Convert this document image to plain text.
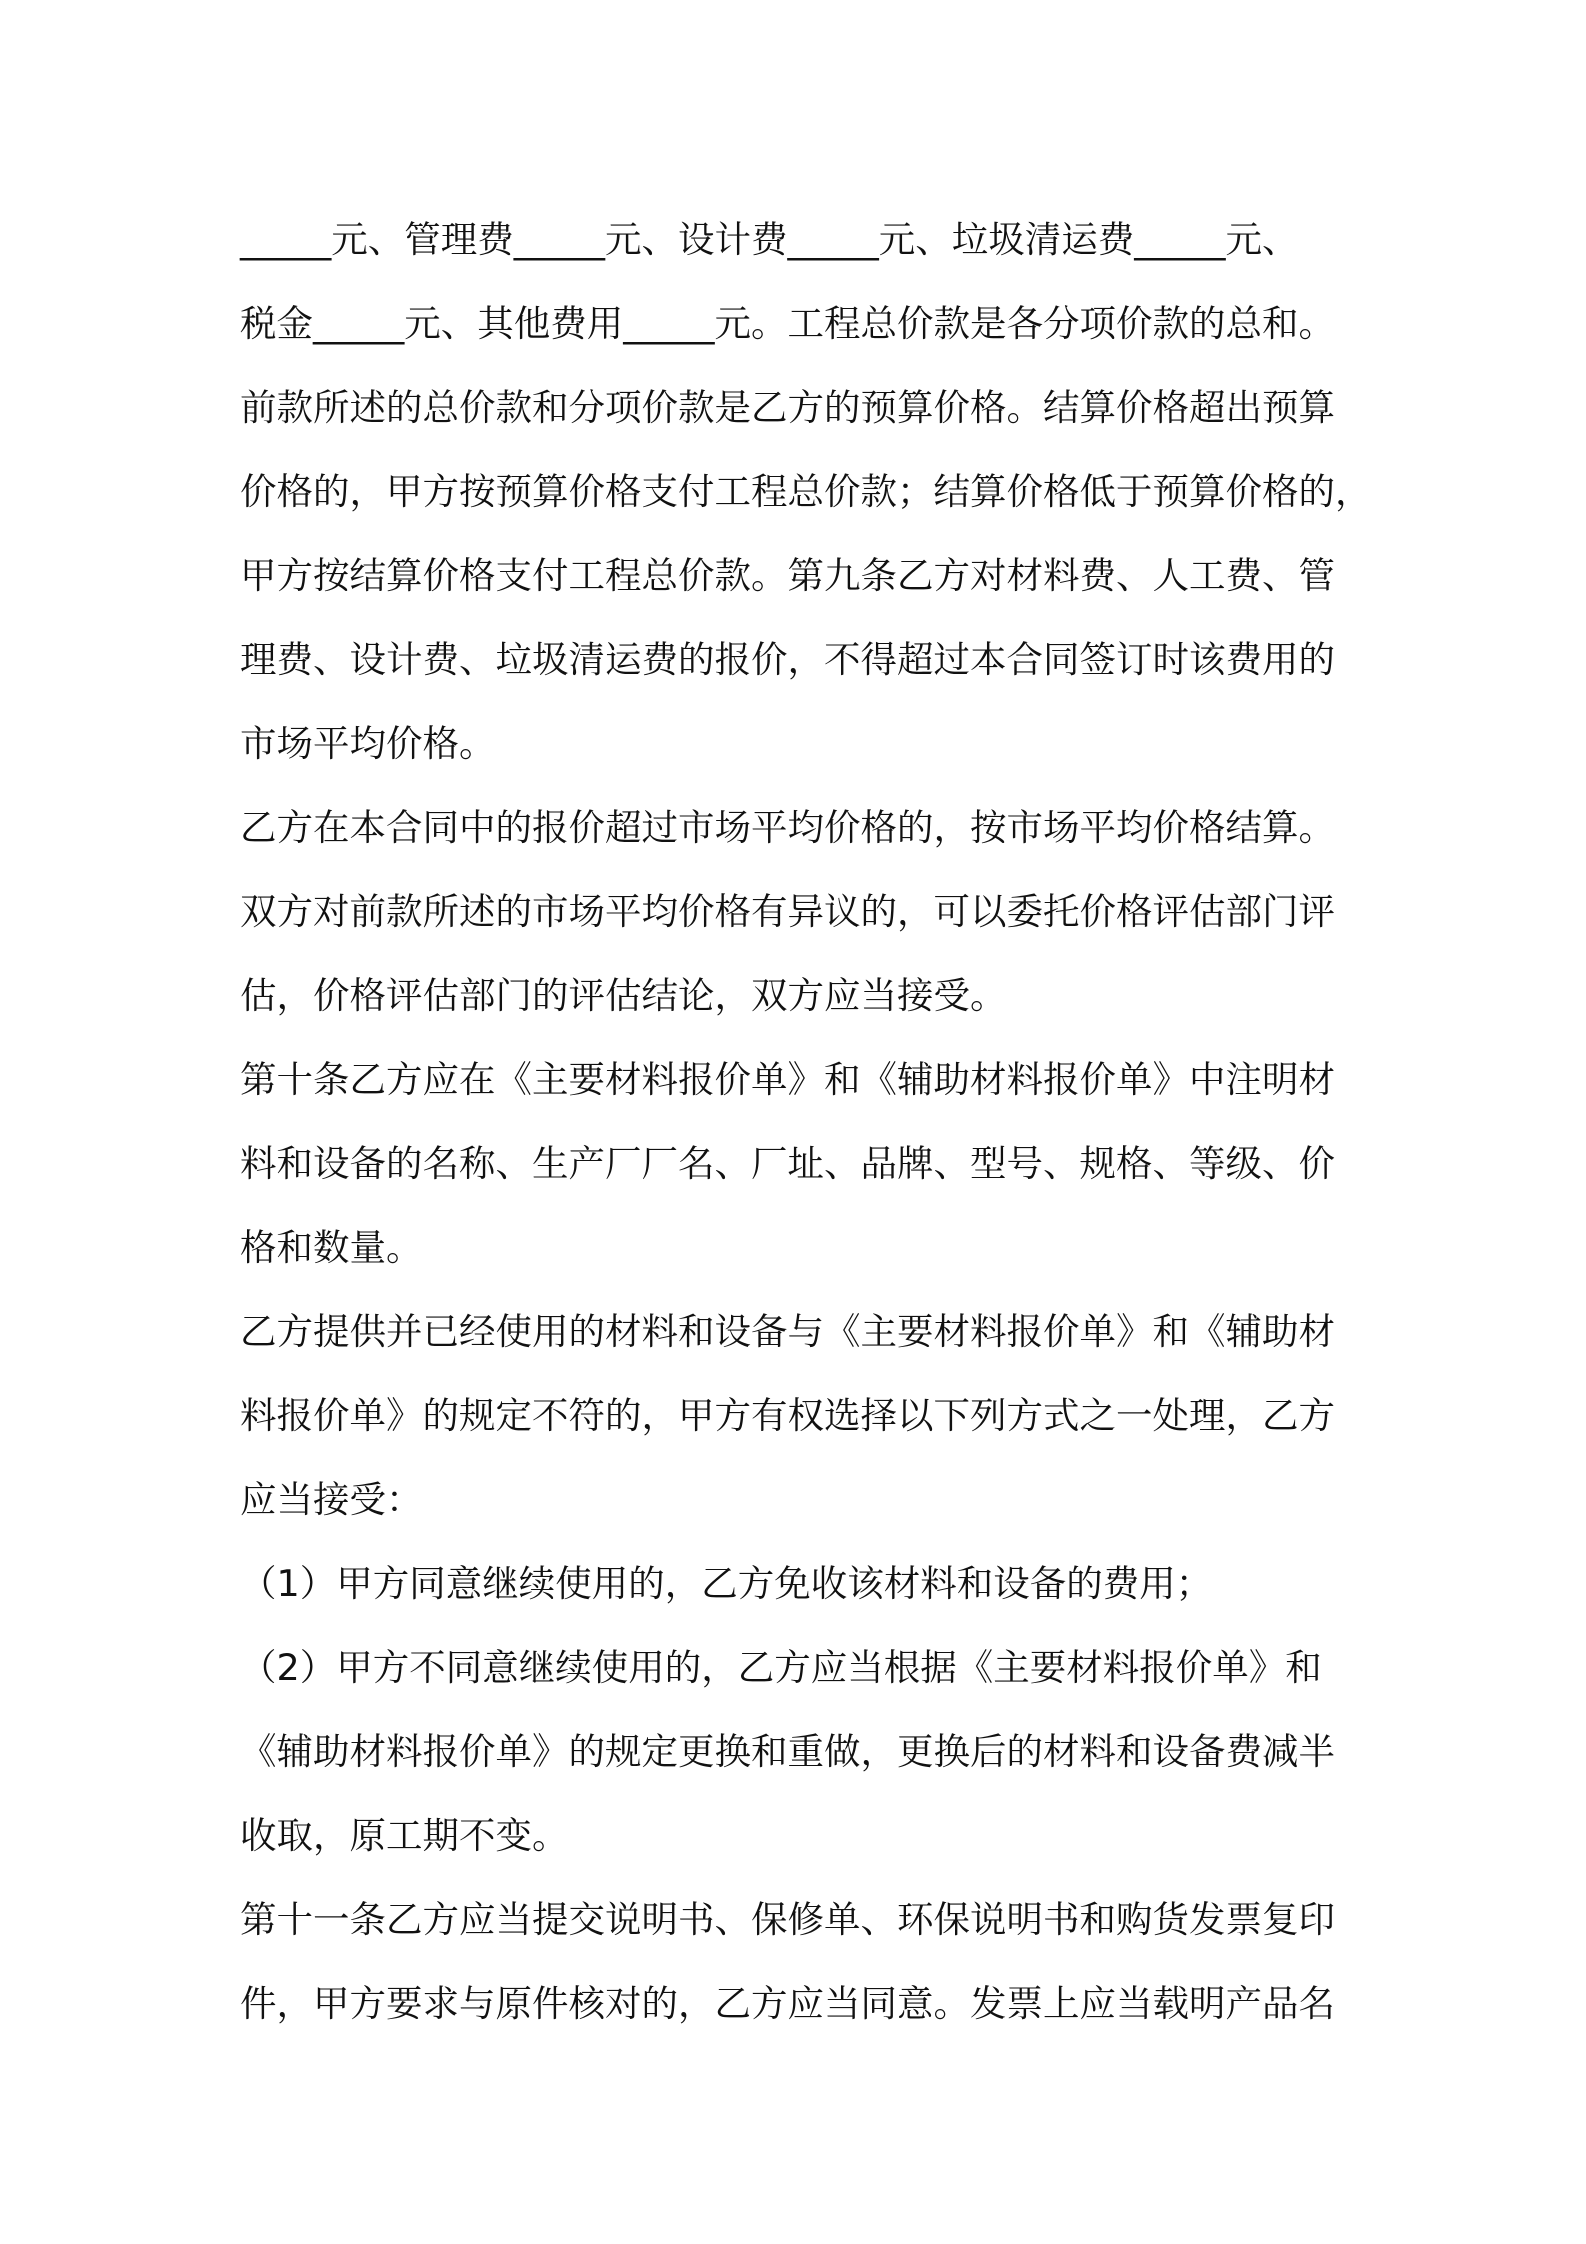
_____元、管理费_____元、设计费_____元、垃圾清运费_____元、
税金_____元、其他费用_____元。工程总价款是各分项价款的总和。
前款所述的总价款和分项价款是乙方的预算价格。结算价格超出预算
价格的，甲方按预算价格支付工程总价款；结算价格低于预算价格的，
甲方按结算价格支付工程总价款。第九条乙方对材料费、人工费、管
理费、设计费、垃圾清运费的报价，不得超过本合同签订时该费用的
市场平均价格。
乙方在本合同中的报价超过市场平均价格的，按市场平均价格结算。
双方对前款所述的市场平均价格有异议的，可以委托价格评估部门评
估，价格评估部门的评估结论，双方应当接受。
第十条乙方应在《主要材料报价单》和《辅助材料报价单》中注明材
料和设备的名称、生产厂厂名、厂址、品牌、型号、规格、等级、价
格和数量。
乙方提供并已经使用的材料和设备与《主要材料报价单》和《辅助材
料报价单》的规定不符的，甲方有权选择以下列方式之一处理，乙方
应当接受：
（1）甲方同意继续使用的，乙方免收该材料和设备的费用；
（2）甲方不同意继续使用的，乙方应当根据《主要材料报价单》和
《辅助材料报价单》的规定更换和重做，更换后的材料和设备费减半
收取，原工期不变。
第十一条乙方应当提交说明书、保修单、环保说明书和购货发票复印
件，甲方要求与原件核对的，乙方应当同意。发票上应当载明产品名
